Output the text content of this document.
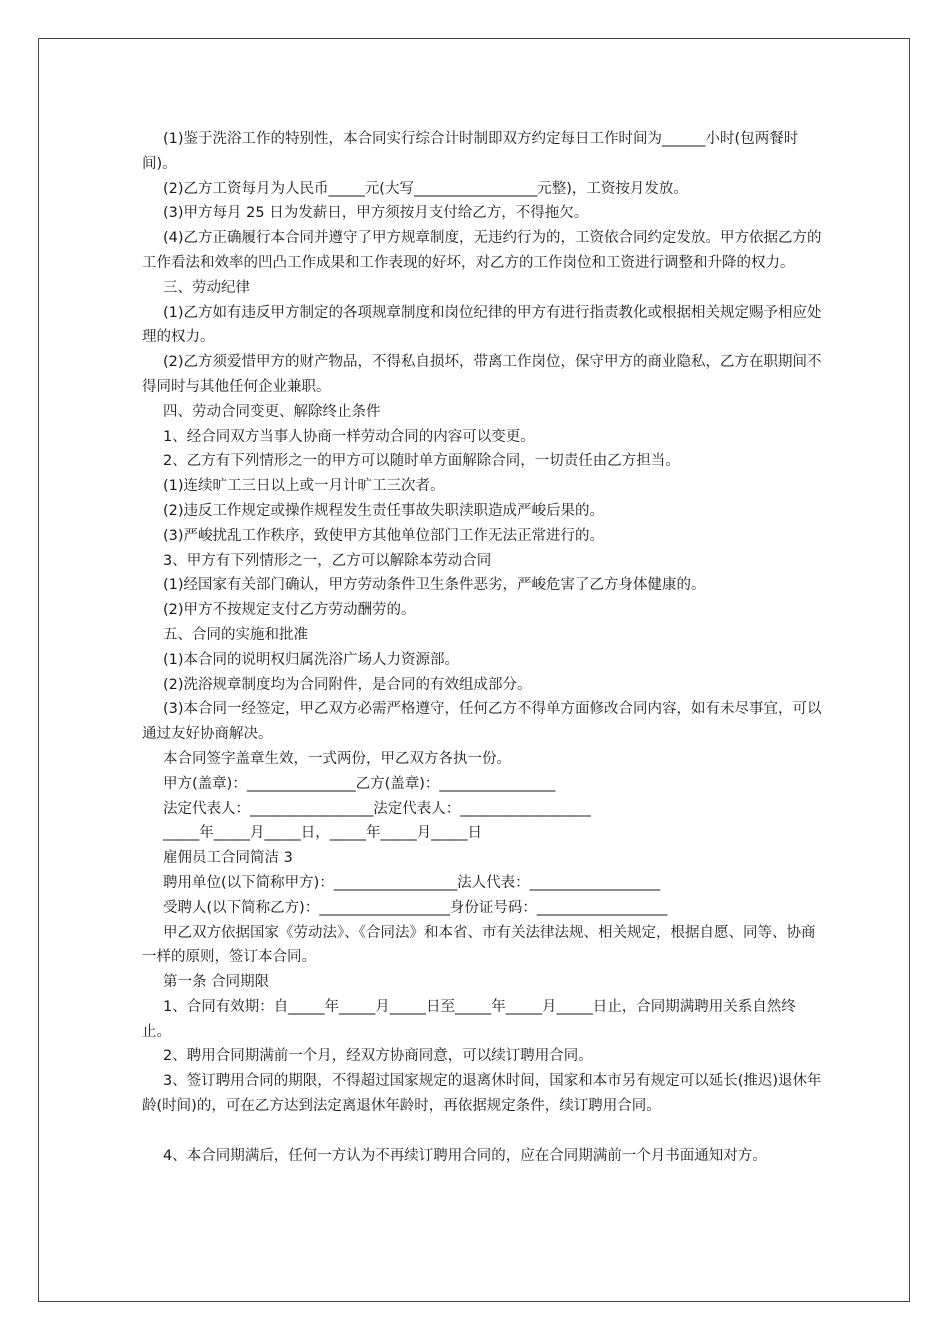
(1)鉴于洗浴工作的特别性，本合同实行综合计时制即双方约定每日工作时间为______小时(包两餐时间)。

(2)乙方工资每月为人民币_____元(大写_________________元整)，工资按月发放。

(3)甲方每月 25 日为发薪日，甲方须按月支付给乙方，不得拖欠。

(4)乙方正确履行本合同并遵守了甲方规章制度，无违约行为的，工资依合同约定发放。甲方依据乙方的工作看法和效率的凹凸工作成果和工作表现的好坏，对乙方的工作岗位和工资进行调整和升降的权力。

三、劳动纪律

(1)乙方如有违反甲方制定的各项规章制度和岗位纪律的甲方有进行指责教化或根据相关规定赐予相应处理的权力。

(2)乙方须爱惜甲方的财产物品，不得私自损坏，带离工作岗位，保守甲方的商业隐私，乙方在职期间不得同时与其他任何企业兼职。

四、劳动合同变更、解除终止条件

1、经合同双方当事人协商一样劳动合同的内容可以变更。

2、乙方有下列情形之一的甲方可以随时单方面解除合同，一切责任由乙方担当。

(1)连续旷工三日以上或一月计旷工三次者。

(2)违反工作规定或操作规程发生责任事故失职渎职造成严峻后果的。

(3)严峻扰乱工作秩序，致使甲方其他单位部门工作无法正常进行的。

3、甲方有下列情形之一，乙方可以解除本劳动合同

(1)经国家有关部门确认，甲方劳动条件卫生条件恶劣，严峻危害了乙方身体健康的。

(2)甲方不按规定支付乙方劳动酬劳的。

五、合同的实施和批准

(1)本合同的说明权归属洗浴广场人力资源部。

(2)洗浴规章制度均为合同附件，是合同的有效组成部分。

(3)本合同一经签定，甲乙双方必需严格遵守，任何乙方不得单方面修改合同内容，如有未尽事宜，可以通过友好协商解决。

本合同签字盖章生效，一式两份，甲乙双方各执一份。

甲方(盖章)：_______________乙方(盖章)：________________

法定代表人：_________________法定代表人：__________________

_____年_____月_____日，_____年_____月_____日

雇佣员工合同简洁 3

聘用单位(以下简称甲方)：_________________法人代表：__________________

受聘人(以下简称乙方)：__________________身份证号码：__________________

甲乙双方依据国家《劳动法》、《合同法》和本省、市有关法律法规、相关规定，根据自愿、同等、协商一样的原则，签订本合同。

第一条 合同期限

1、合同有效期：自_____年_____月_____日至_____年_____月_____日止，合同期满聘用关系自然终止。

2、聘用合同期满前一个月，经双方协商同意，可以续订聘用合同。

3、签订聘用合同的期限，不得超过国家规定的退离休时间，国家和本市另有规定可以延长(推迟)退休年龄(时间)的，可在乙方达到法定离退休年龄时，再依据规定条件，续订聘用合同。

4、本合同期满后，任何一方认为不再续订聘用合同的，应在合同期满前一个月书面通知对方。
